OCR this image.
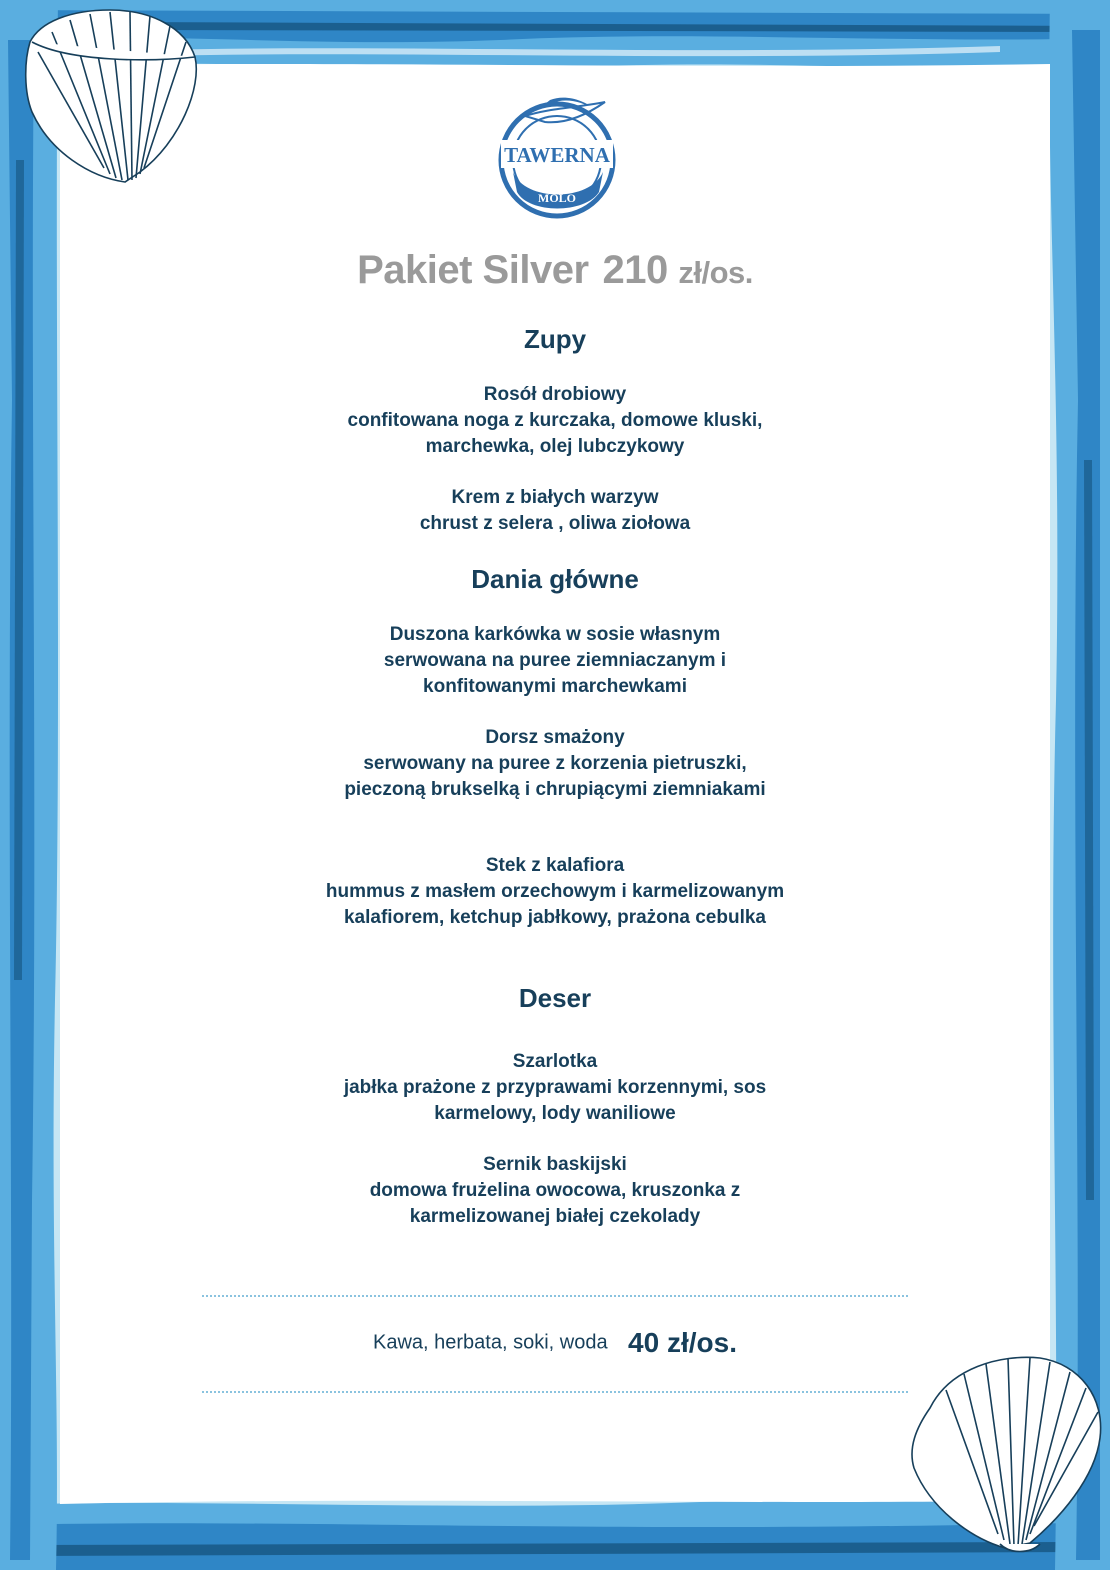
TAWERNA
MOLO
Pakiet Silver 210 zł/os.
Zupy
Rosół drobiowy
confitowana noga z kurczaka, domowe kluski, marchewka, olej lubczykowy
Krem z białych warzyw
chrust z selera , oliwa ziołowa
Dania główne
Duszona karkówka w sosie własnym
serwowana na puree ziemniaczanym i konfitowanymi marchewkami
Dorsz smażony
serwowany na puree z korzenia pietruszki, pieczoną brukselką i chrupiącymi ziemniakami
Stek z kalafiora
hummus z masłem orzechowym i karmelizowanym kalafiorem, ketchup jabłkowy, prażona cebulka
Deser
Szarlotka
jabłka prażone z przyprawami korzennymi, sos karmelowy, lody waniliowe
Sernik baskijski
domowa frużelina owocowa, kruszonka z karmelizowanej białej czekolady
Kawa, herbata, soki, woda 40 zł/os.
